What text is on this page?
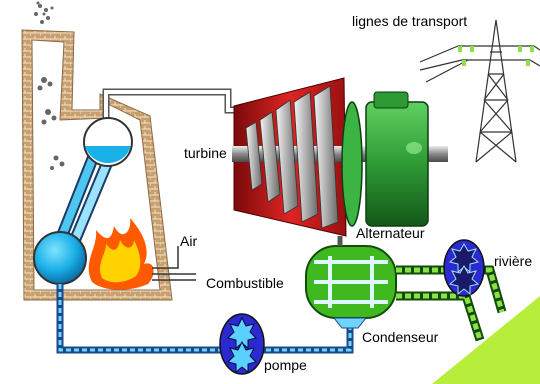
lignes de transport
turbine
Alternateur
Air
Combustible
rivière
Condenseur
pompe
